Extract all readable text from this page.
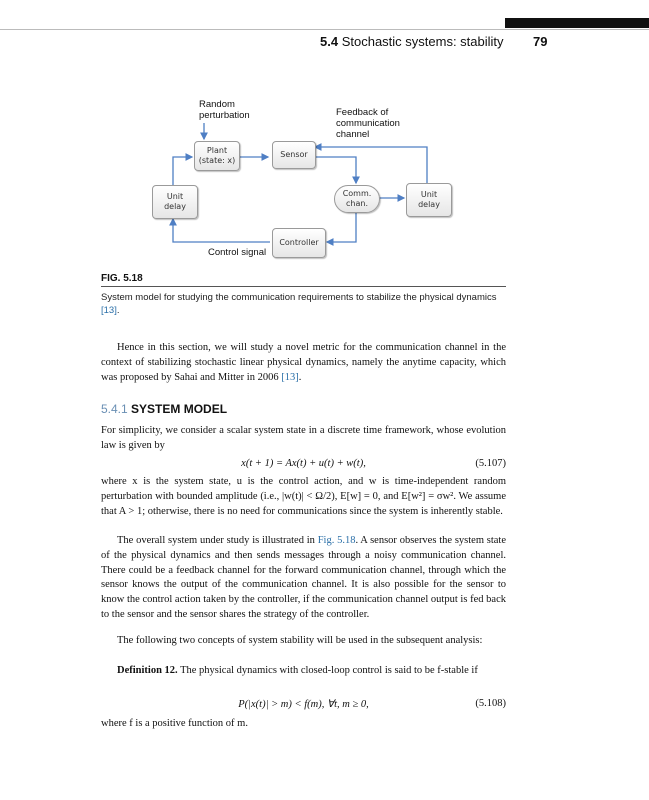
5.4 Stochastic systems: stability 79
Random
perturbation	Feedback of
communication
channel
Control signal
Plant
(state: x)
Sensor
Unit
delay
Comm.
chan.
Unit
delay
Controller
FIG. 5.18
System model for studying the communication requirements to stabilize the physical dynamics [13].
Hence in this section, we will study a novel metric for the communication channel in the context of stabilizing stochastic linear physical dynamics, namely the anytime capacity, which was proposed by Sahai and Mitter in 2006 [13].
5.4.1 SYSTEM MODEL
For simplicity, we consider a scalar system state in a discrete time framework, whose evolution law is given by
x(t + 1) = Ax(t) + u(t) + w(t),	(5.107)
where x is the system state, u is the control action, and w is time-independent random perturbation with bounded amplitude (i.e., |w(t)| < Ω/2), E[w] = 0, and E[w²] = σw². We assume that A > 1; otherwise, there is no need for communications since the system is inherently stable.
The overall system under study is illustrated in Fig. 5.18. A sensor observes the system state of the physical dynamics and then sends messages through a noisy communication channel. There could be a feedback channel for the forward communication channel, through which the sensor knows the output of the communication channel. It is also possible for the sensor to know the control action taken by the controller, if the communication channel output is fed back to the sensor and the sensor shares the strategy of the controller.
The following two concepts of system stability will be used in the subsequent analysis:
Definition 12. The physical dynamics with closed-loop control is said to be f-stable if
P(|x(t)| > m) < f(m), ∀t, m ≥ 0,	(5.108)
where f is a positive function of m.
